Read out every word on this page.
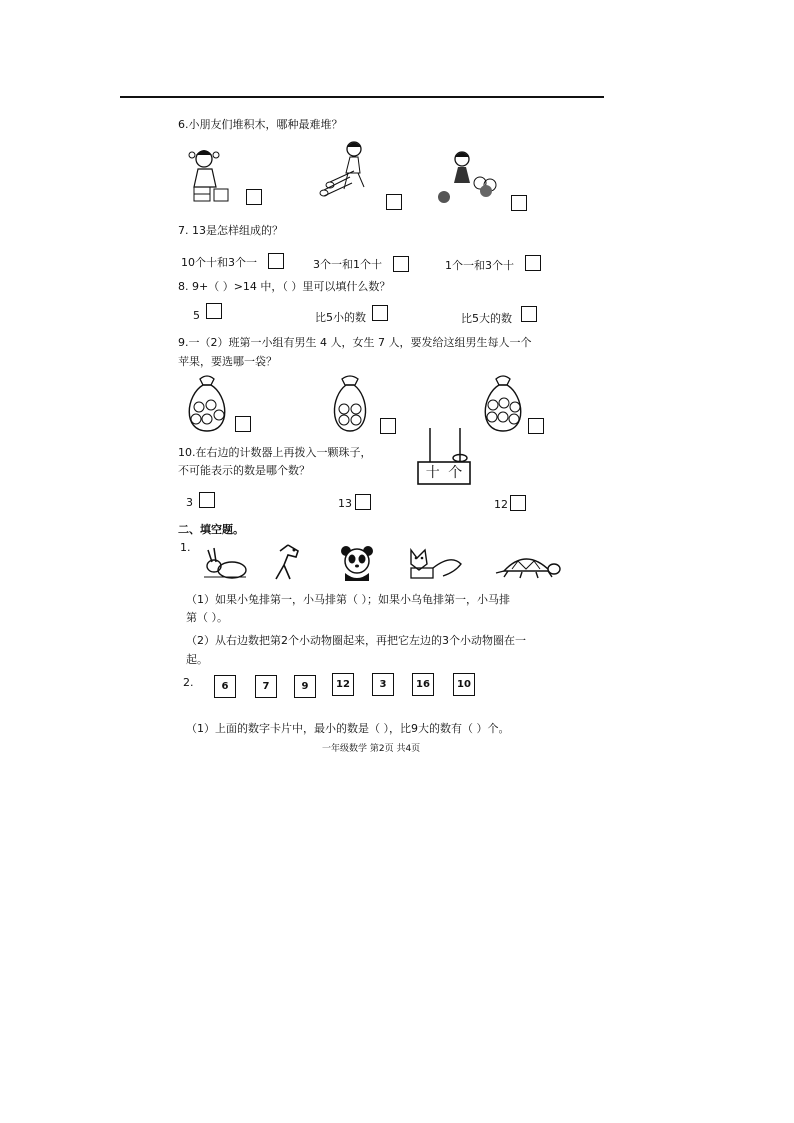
6.小朋友们堆积木，哪种最难堆？
7. 13是怎样组成的？
10个十和3个一	3个一和1个十	1个一和3个十
8. 9+（ ）>14 中，（ ）里可以填什么数？
5	比5小的数	比5大的数
9.一（2）班第一小组有男生 4 人，女生 7 人，要发给这组男生每人一个
苹果，要选哪一袋？
10.在右边的计数器上再拨入一颗珠子，
不可能表示的数是哪个数？	十 个
3	13	12
二、填空题。
1.
（1）如果小兔排第一，小马排第（ ）；如果小乌龟排第一，小马排
第（ ）。
（2）从右边数把第2个小动物圈起来，再把它左边的3个小动物圈在一
起。
2.	6	7	9	12	3	16	10
（1）上面的数字卡片中，最小的数是（ ），比9大的数有（ ）个。
一年级数学 第2页 共4页
